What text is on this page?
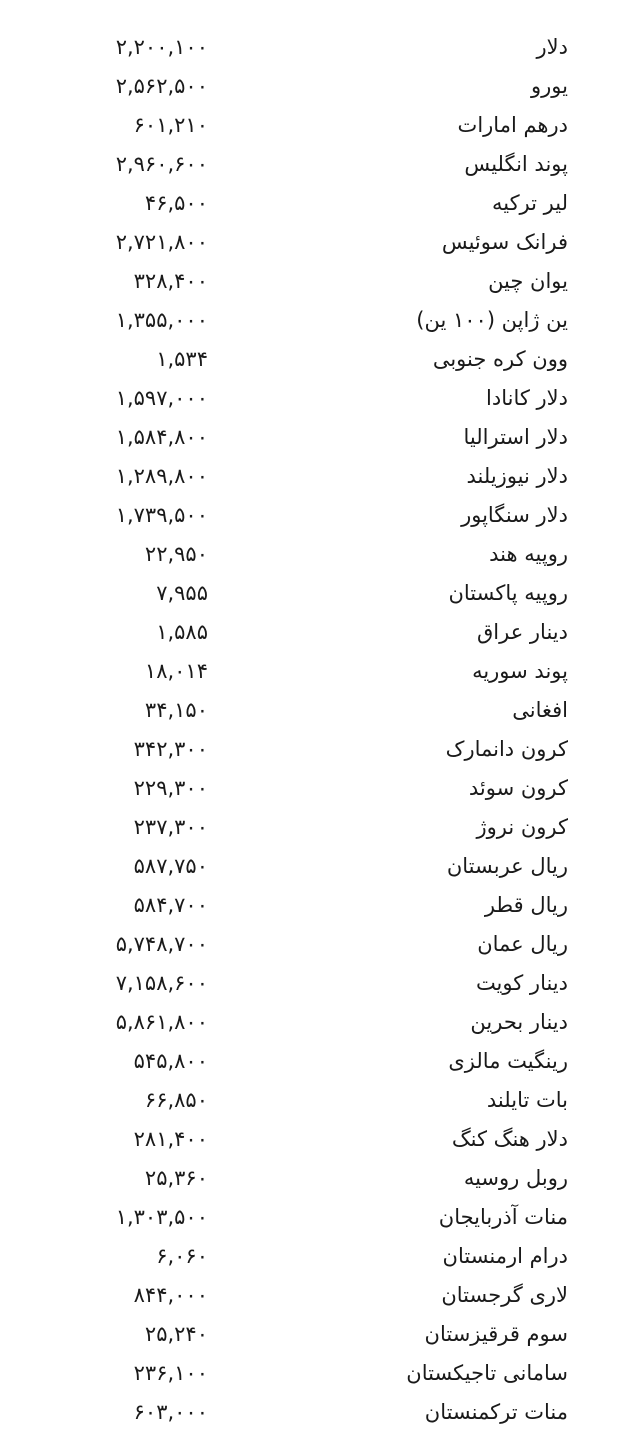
دلار
۲,۲۰۰,۱۰۰
یورو
۲,۵۶۲,۵۰۰
درهم امارات
۶۰۱,۲۱۰
پوند انگلیس
۲,۹۶۰,۶۰۰
لیر ترکیه
۴۶,۵۰۰
فرانک سوئیس
۲,۷۲۱,۸۰۰
یوان چین
۳۲۸,۴۰۰
ین ژاپن (۱۰۰ ین)
۱,۳۵۵,۰۰۰
وون کره جنوبی
۱,۵۳۴
دلار کانادا
۱,۵۹۷,۰۰۰
دلار استرالیا
۱,۵۸۴,۸۰۰
دلار نیوزیلند
۱,۲۸۹,۸۰۰
دلار سنگاپور
۱,۷۳۹,۵۰۰
روپیه هند
۲۲,۹۵۰
روپیه پاکستان
۷,۹۵۵
دینار عراق
۱,۵۸۵
پوند سوریه
۱۸,۰۱۴
افغانی
۳۴,۱۵۰
کرون دانمارک
۳۴۲,۳۰۰
کرون سوئد
۲۲۹,۳۰۰
کرون نروژ
۲۳۷,۳۰۰
ریال عربستان
۵۸۷,۷۵۰
ریال قطر
۵۸۴,۷۰۰
ریال عمان
۵,۷۴۸,۷۰۰
دینار کویت
۷,۱۵۸,۶۰۰
دینار بحرین
۵,۸۶۱,۸۰۰
رینگیت مالزی
۵۴۵,۸۰۰
بات تایلند
۶۶,۸۵۰
دلار هنگ کنگ
۲۸۱,۴۰۰
روبل روسیه
۲۵,۳۶۰
منات آذربایجان
۱,۳۰۳,۵۰۰
درام ارمنستان
۶,۰۶۰
لاری گرجستان
۸۴۴,۰۰۰
سوم قرقیزستان
۲۵,۲۴۰
سامانی تاجیکستان
۲۳۶,۱۰۰
منات ترکمنستان
۶۰۳,۰۰۰
